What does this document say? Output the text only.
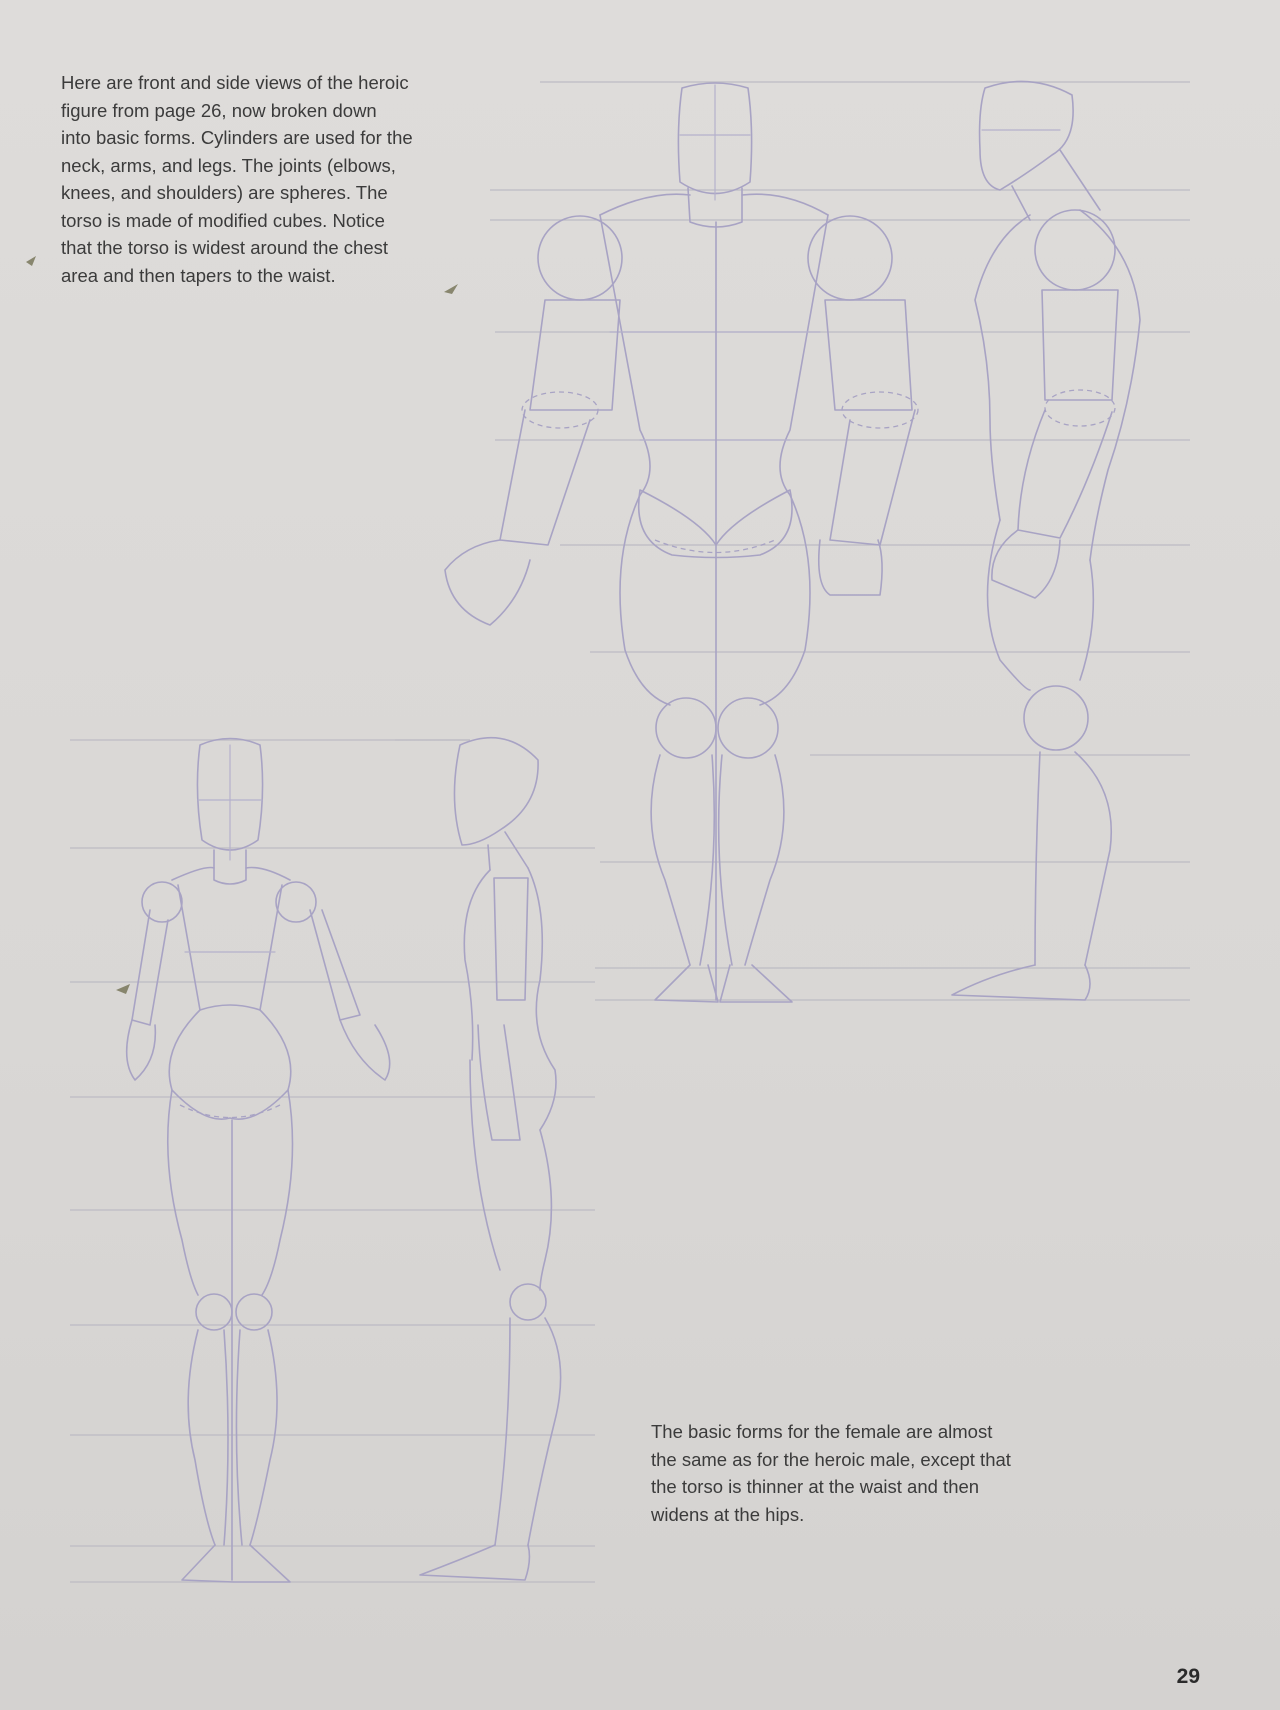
Here are front and side views of the heroic
figure from page 26, now broken down
into basic forms. Cylinders are used for the
neck, arms, and legs. The joints (elbows,
knees, and shoulders) are spheres. The
torso is made of modified cubes. Notice
that the torso is widest around the chest
area and then tapers to the waist.

The basic forms for the female are almost
the same as for the heroic male, except that
the torso is thinner at the waist and then
widens at the hips.

29
